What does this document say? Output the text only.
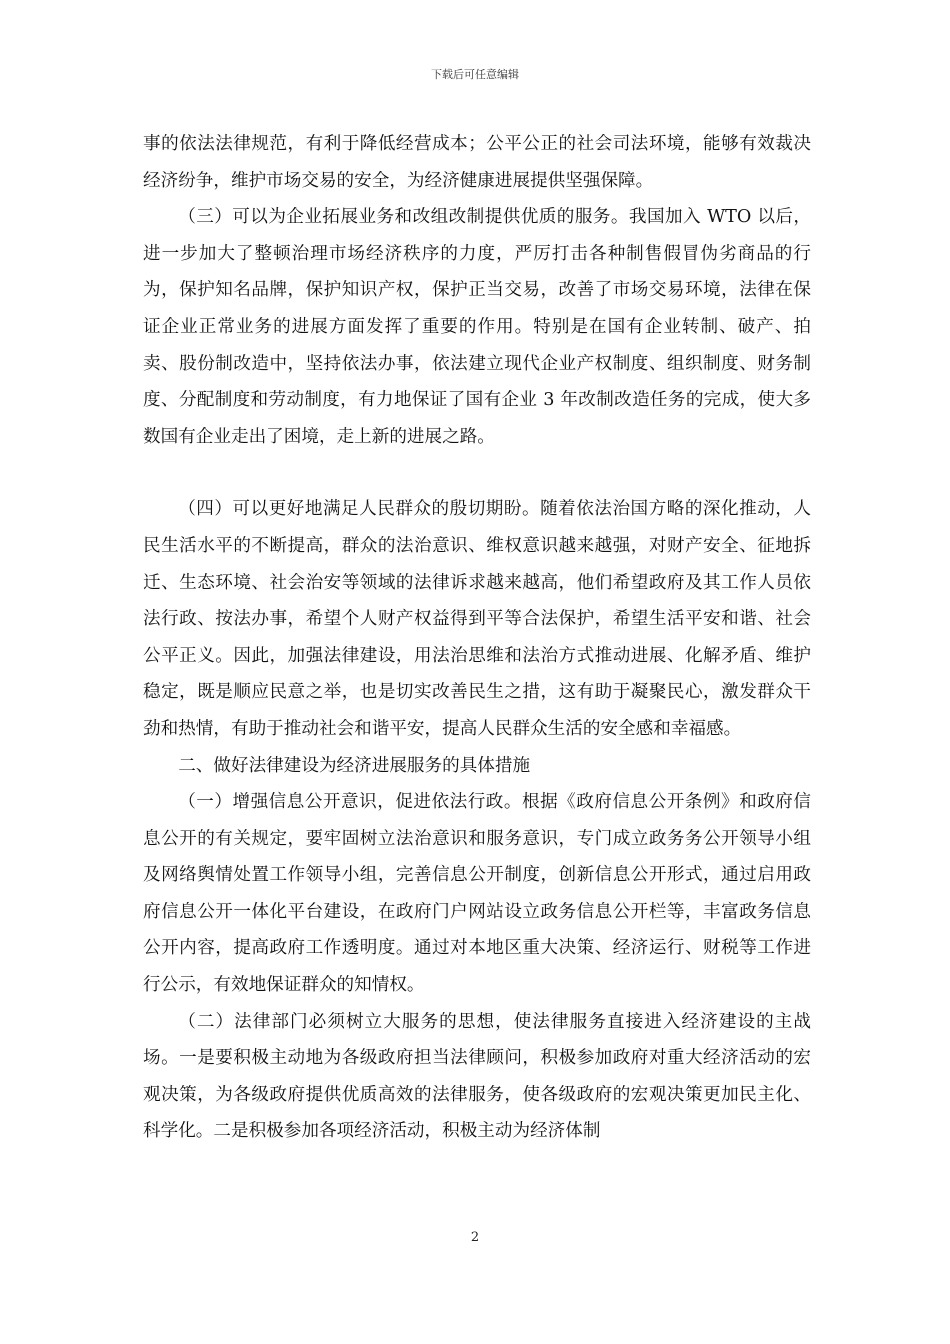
下载后可任意编辑

事的依法法律规范，有利于降低经营成本；公平公正的社会司法环境，能够有效裁决经济纷争，维护市场交易的安全，为经济健康进展提供坚强保障。

（三）可以为企业拓展业务和改组改制提供优质的服务。我国加入 WTO 以后，进一步加大了整顿治理市场经济秩序的力度，严厉打击各种制售假冒伪劣商品的行为，保护知名品牌，保护知识产权，保护正当交易，改善了市场交易环境，法律在保证企业正常业务的进展方面发挥了重要的作用。特别是在国有企业转制、破产、拍卖、股份制改造中，坚持依法办事，依法建立现代企业产权制度、组织制度、财务制度、分配制度和劳动制度，有力地保证了国有企业 3 年改制改造任务的完成，使大多数国有企业走出了困境，走上新的进展之路。

（四）可以更好地满足人民群众的殷切期盼。随着依法治国方略的深化推动，人民生活水平的不断提高，群众的法治意识、维权意识越来越强，对财产安全、征地拆迁、生态环境、社会治安等领域的法律诉求越来越高，他们希望政府及其工作人员依法行政、按法办事，希望个人财产权益得到平等合法保护，希望生活平安和谐、社会公平正义。因此，加强法律建设，用法治思维和法治方式推动进展、化解矛盾、维护稳定，既是顺应民意之举，也是切实改善民生之措，这有助于凝聚民心，激发群众干劲和热情，有助于推动社会和谐平安，提高人民群众生活的安全感和幸福感。

二、做好法律建设为经济进展服务的具体措施

（一）增强信息公开意识，促进依法行政。根据《政府信息公开条例》和政府信息公开的有关规定，要牢固树立法治意识和服务意识，专门成立政务务公开领导小组及网络舆情处置工作领导小组，完善信息公开制度，创新信息公开形式，通过启用政府信息公开一体化平台建设，在政府门户网站设立政务信息公开栏等，丰富政务信息公开内容，提高政府工作透明度。通过对本地区重大决策、经济运行、财税等工作进行公示，有效地保证群众的知情权。

（二）法律部门必须树立大服务的思想，使法律服务直接进入经济建设的主战场。一是要积极主动地为各级政府担当法律顾问，积极参加政府对重大经济活动的宏观决策，为各级政府提供优质高效的法律服务，使各级政府的宏观决策更加民主化、科学化。二是积极参加各项经济活动，积极主动为经济体制

2
